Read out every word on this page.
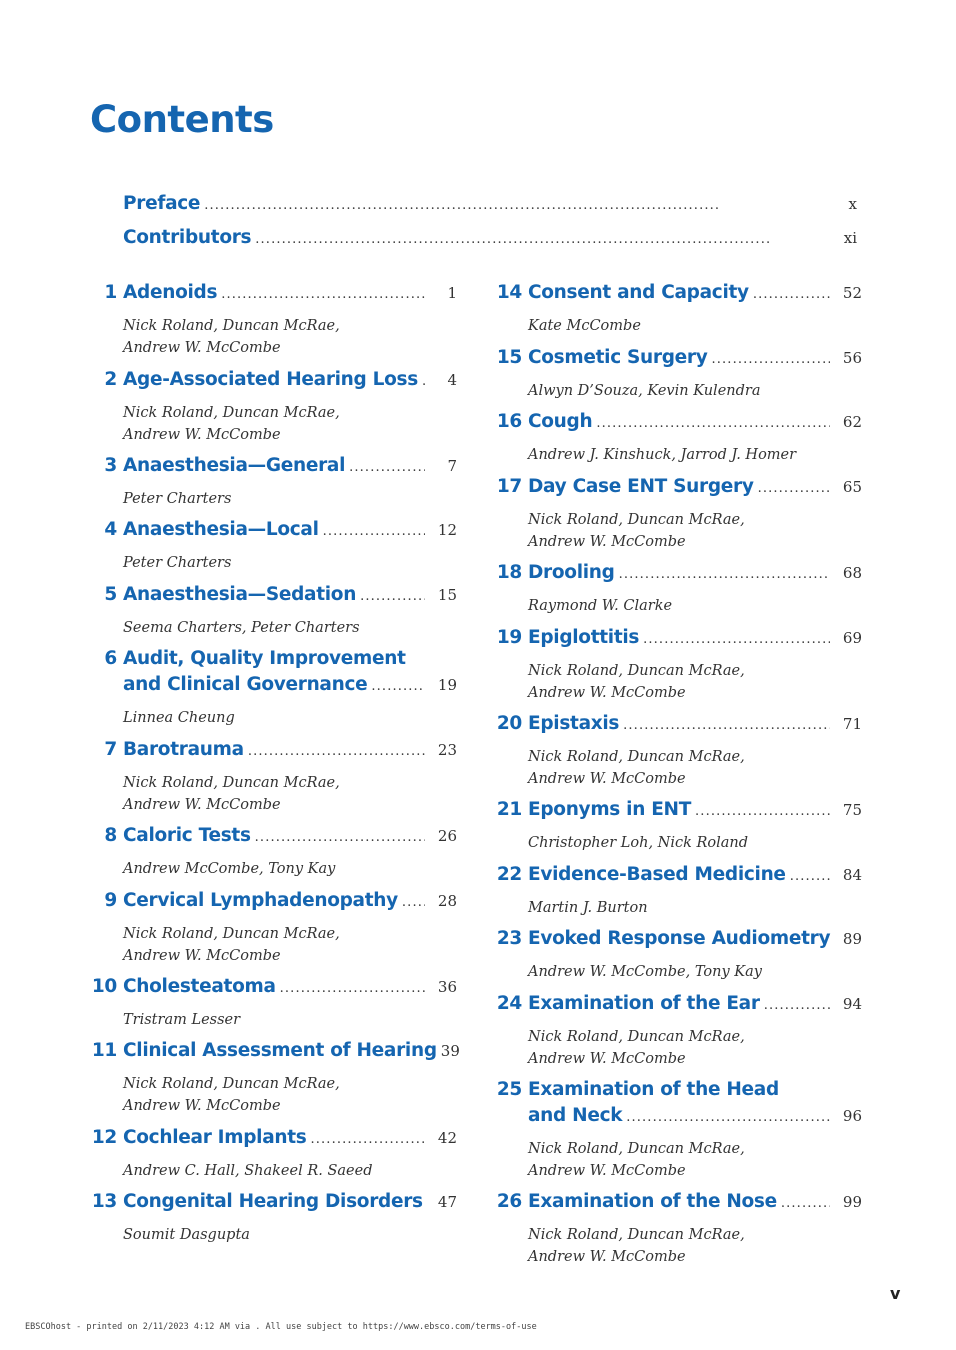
Contents
Preface . . .	x
Contributors . . .	xi
1 Adenoids . . .	1
Nick Roland, Duncan McRae,
Andrew W. McCombe
2 Age-Associated Hearing Loss . . .	4
Nick Roland, Duncan McRae,
Andrew W. McCombe
3 Anaesthesia—General . . .	7
Peter Charters
4 Anaesthesia—Local . . .	12
Peter Charters
5 Anaesthesia—Sedation . . .	15
Seema Charters, Peter Charters
6 Audit, Quality Improvement
and Clinical Governance . . .	19
Linnea Cheung
7 Barotrauma . . .	23
Nick Roland, Duncan McRae,
Andrew W. McCombe
8 Caloric Tests . . .	26
Andrew McCombe, Tony Kay
9 Cervical Lymphadenopathy . . .	28
Nick Roland, Duncan McRae,
Andrew W. McCombe
10 Cholesteatoma . . .	36
Tristram Lesser
11 Clinical Assessment of Hearing 39
Nick Roland, Duncan McRae,
Andrew W. McCombe
12 Cochlear Implants . . .	42
Andrew C. Hall, Shakeel R. Saeed
13 Congenital Hearing Disorders	47
Soumit Dasgupta
14 Consent and Capacity . . .	52
Kate McCombe
15 Cosmetic Surgery . . .	56
Alwyn D’Souza, Kevin Kulendra
16 Cough . . .	62
Andrew J. Kinshuck, Jarrod J. Homer
17 Day Case ENT Surgery . . .	65
Nick Roland, Duncan McRae,
Andrew W. McCombe
18 Drooling . . .	68
Raymond W. Clarke
19 Epiglottitis . . .	69
Nick Roland, Duncan McRae,
Andrew W. McCombe
20 Epistaxis . . .	71
Nick Roland, Duncan McRae,
Andrew W. McCombe
21 Eponyms in ENT . . .	75
Christopher Loh, Nick Roland
22 Evidence-Based Medicine . . .	84
Martin J. Burton
23 Evoked Response Audiometry 89
Andrew W. McCombe, Tony Kay
24 Examination of the Ear . . .	94
Nick Roland, Duncan McRae,
Andrew W. McCombe
25 Examination of the Head
and Neck . . .	96
Nick Roland, Duncan McRae,
Andrew W. McCombe
26 Examination of the Nose . . .	99
Nick Roland, Duncan McRae,
Andrew W. McCombe
v
EBSCOhost - printed on 2/11/2023 4:12 AM via . All use subject to https://www.ebsco.com/terms-of-use
